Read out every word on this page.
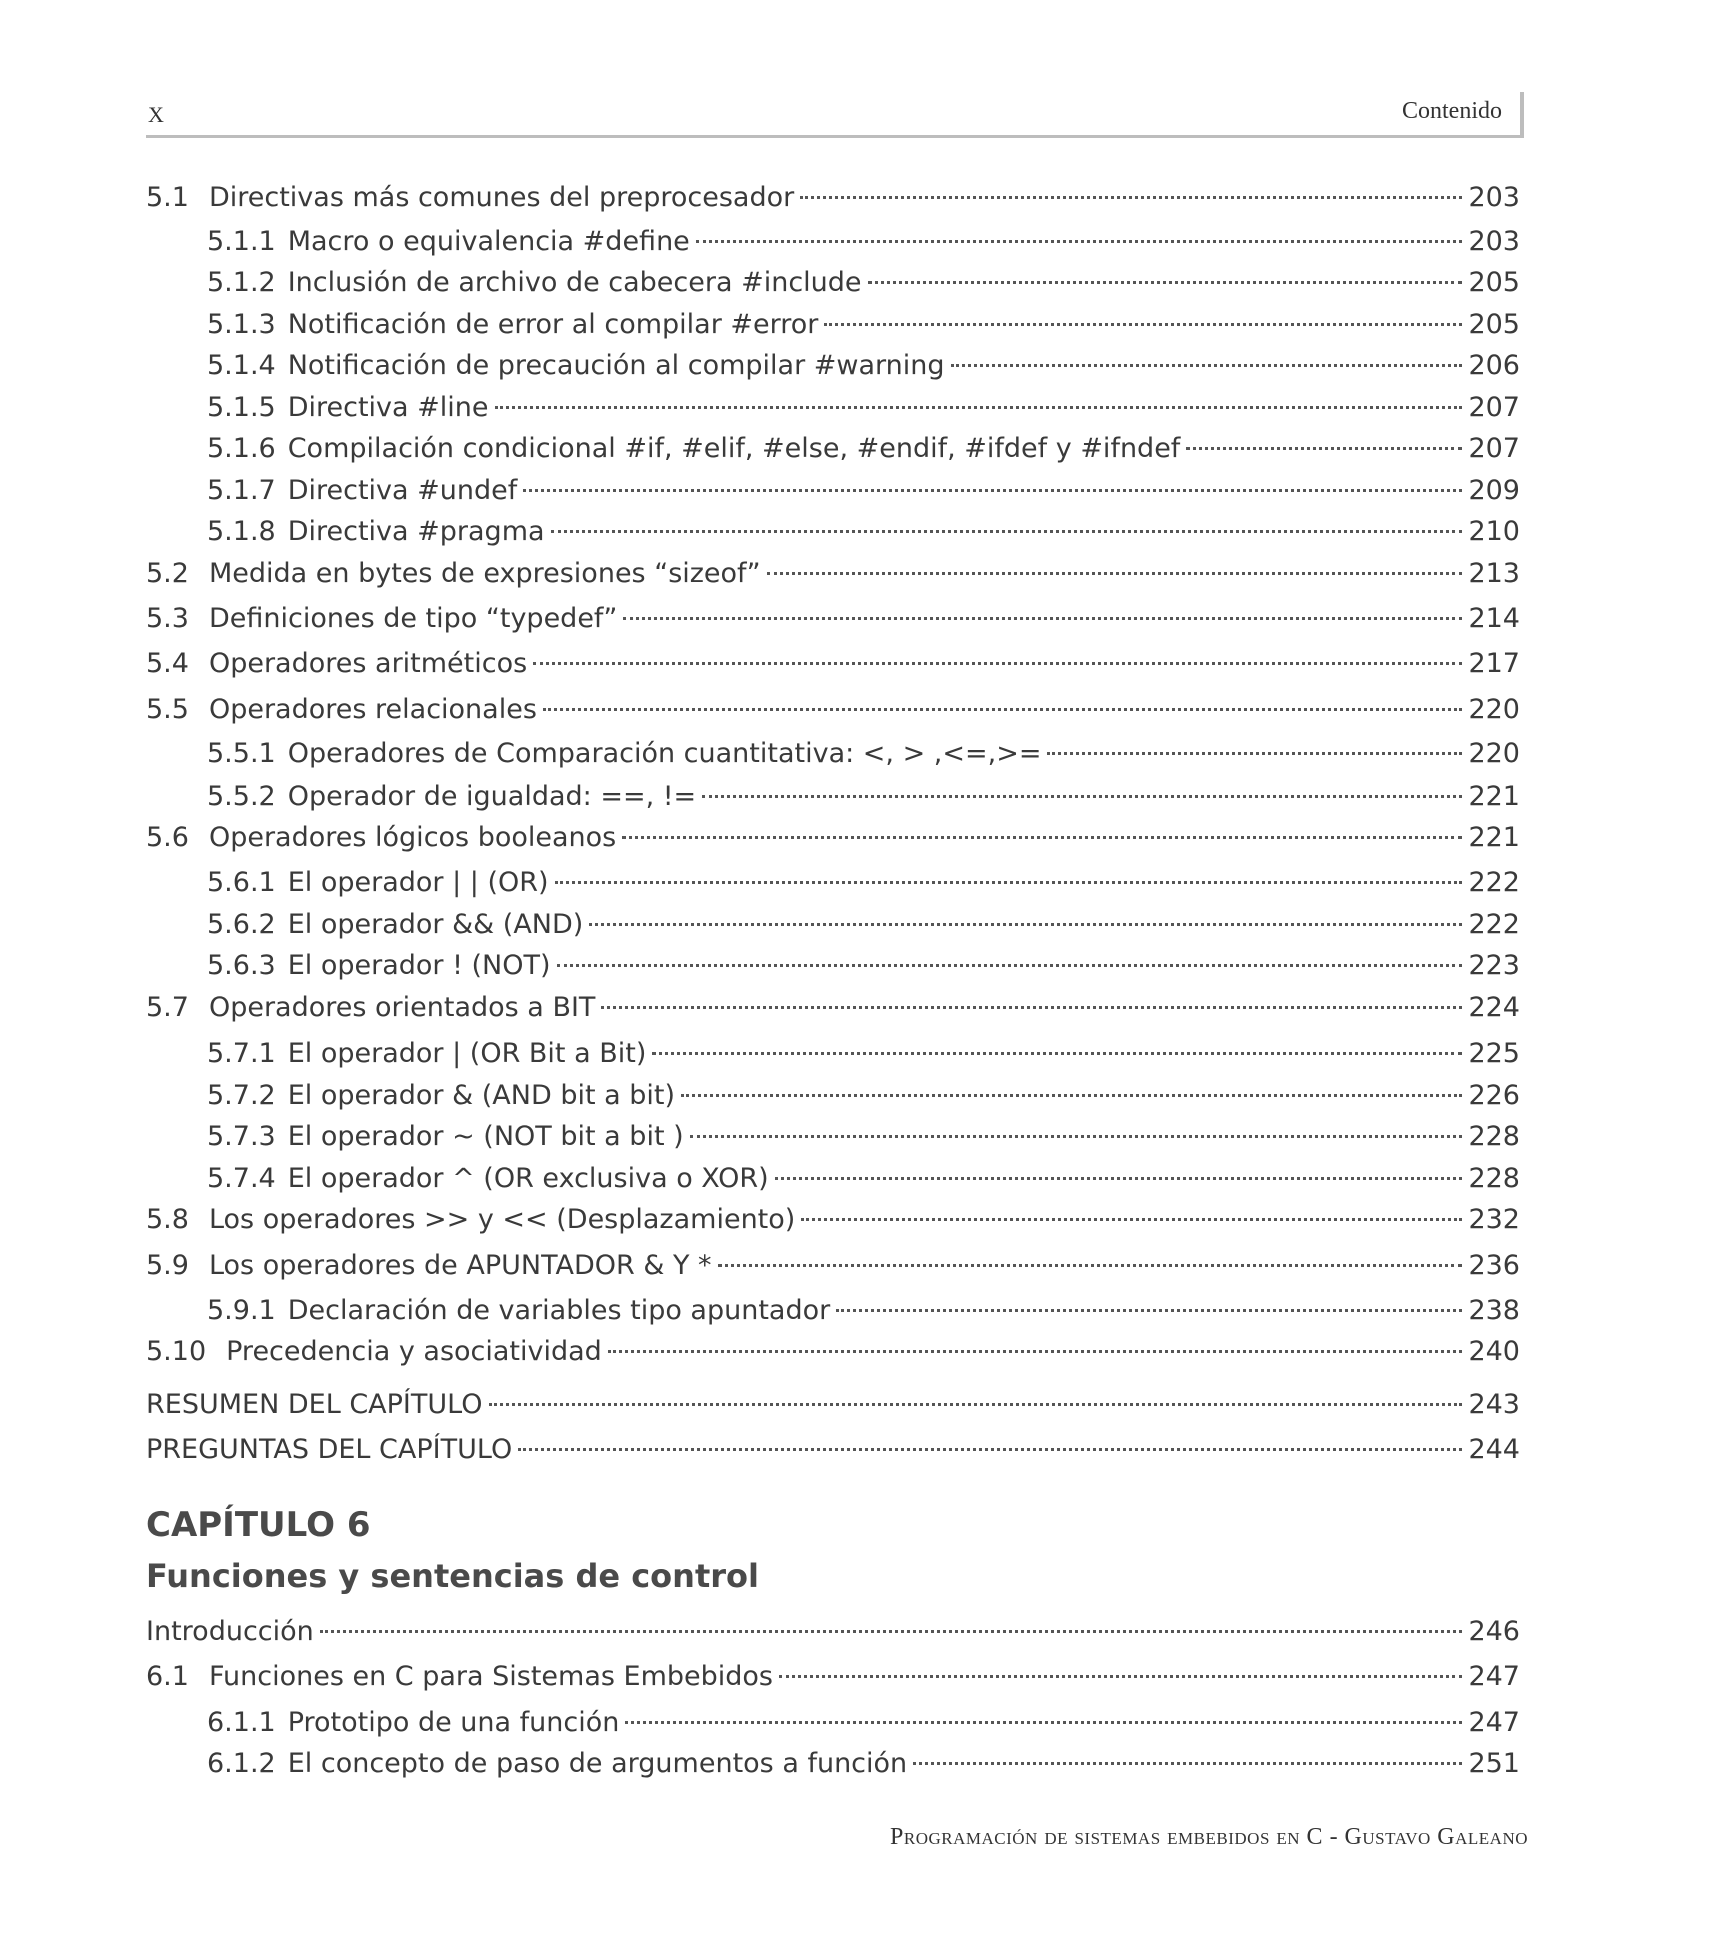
X	Contenido
CAPÍTULO 6
Funciones y sentencias de control
Programación de sistemas embebidos en C - Gustavo Galeano
5.1 Directivas más comunes del preprocesador	203
5.1.1 Macro o equivalencia #define	203
5.1.2 Inclusión de archivo de cabecera #include	205
5.1.3 Notificación de error al compilar #error	205
5.1.4 Notificación de precaución al compilar #warning	206
5.1.5 Directiva #line	207
5.1.6 Compilación condicional #if, #elif, #else, #endif, #ifdef y #ifndef	207
5.1.7 Directiva #undef	209
5.1.8 Directiva #pragma	210
5.2 Medida en bytes de expresiones “sizeof”	213
5.3 Definiciones de tipo “typedef”	214
5.4 Operadores aritméticos	217
5.5 Operadores relacionales	220
5.5.1 Operadores de Comparación cuantitativa: <, > ,<=,>=	220
5.5.2 Operador de igualdad: ==, !=	221
5.6 Operadores lógicos booleanos	221
5.6.1 El operador | | (OR)	222
5.6.2 El operador && (AND)	222
5.6.3 El operador ! (NOT)	223
5.7 Operadores orientados a BIT	224
5.7.1 El operador | (OR Bit a Bit)	225
5.7.2 El operador & (AND bit a bit)	226
5.7.3 El operador ~ (NOT bit a bit )	228
5.7.4 El operador ^ (OR exclusiva o XOR)	228
5.8 Los operadores >> y << (Desplazamiento)	232
5.9 Los operadores de APUNTADOR & Y *	236
5.9.1 Declaración de variables tipo apuntador	238
5.10 Precedencia y asociatividad	240
RESUMEN DEL CAPÍTULO	243
PREGUNTAS DEL CAPÍTULO	244
Introducción	246
6.1 Funciones en C para Sistemas Embebidos	247
6.1.1 Prototipo de una función	247
6.1.2 El concepto de paso de argumentos a función	251
